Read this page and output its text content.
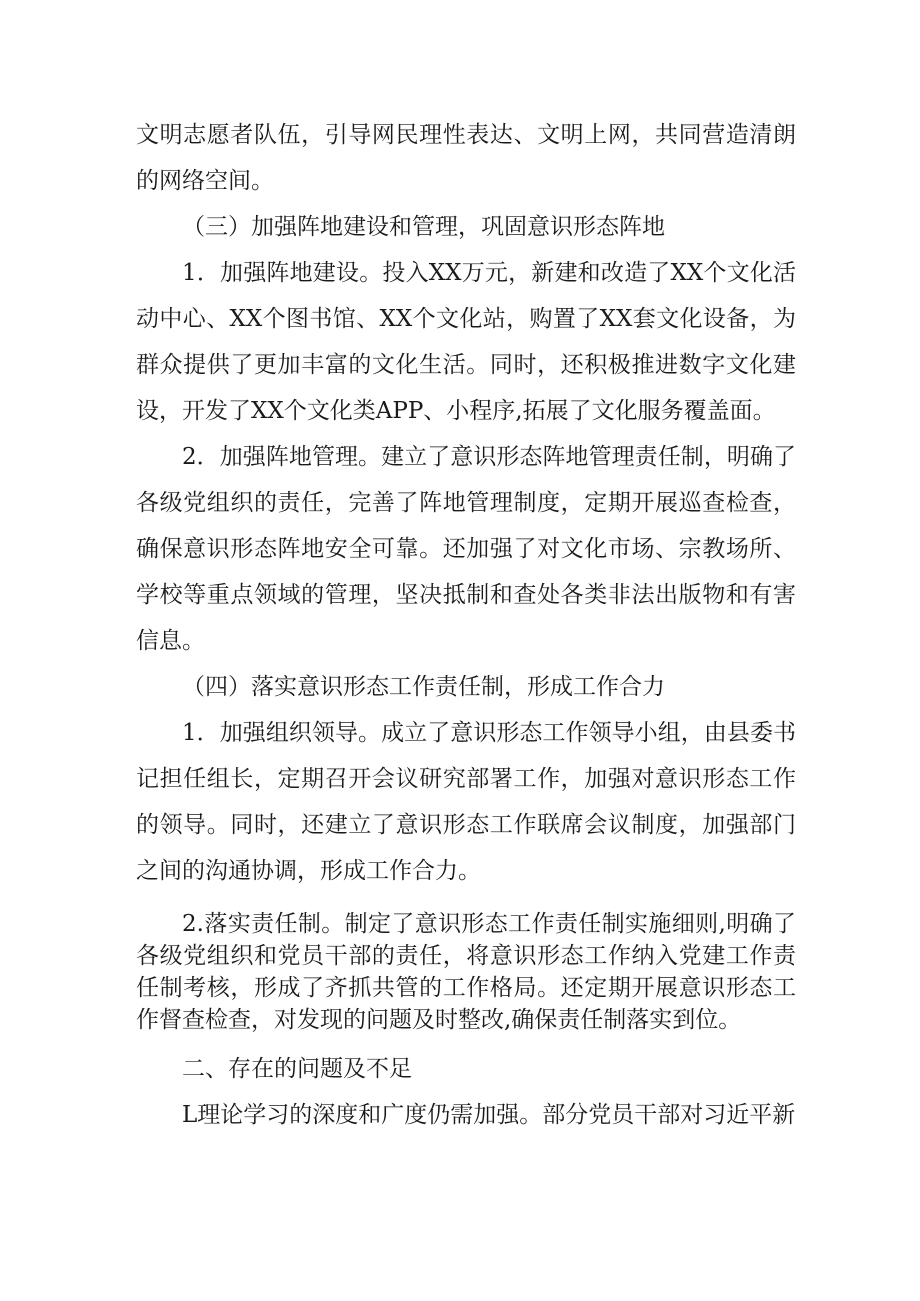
文明志愿者队伍，引导网民理性表达、文明上网，共同营造清朗的网络空间。

（三）加强阵地建设和管理，巩固意识形态阵地

1．加强阵地建设。投入XX万元，新建和改造了XX个文化活动中心、XX个图书馆、XX个文化站，购置了XX套文化设备，为群众提供了更加丰富的文化生活。同时，还积极推进数字文化建设，开发了XX个文化类APP、小程序,拓展了文化服务覆盖面。

2．加强阵地管理。建立了意识形态阵地管理责任制，明确了各级党组织的责任，完善了阵地管理制度，定期开展巡查检查，确保意识形态阵地安全可靠。还加强了对文化市场、宗教场所、学校等重点领域的管理，坚决抵制和查处各类非法出版物和有害信息。

（四）落实意识形态工作责任制，形成工作合力

1．加强组织领导。成立了意识形态工作领导小组，由县委书记担任组长，定期召开会议研究部署工作，加强对意识形态工作的领导。同时，还建立了意识形态工作联席会议制度，加强部门之间的沟通协调，形成工作合力。

2.落实责任制。制定了意识形态工作责任制实施细则,明确了各级党组织和党员干部的责任，将意识形态工作纳入党建工作责任制考核，形成了齐抓共管的工作格局。还定期开展意识形态工作督查检查，对发现的问题及时整改,确保责任制落实到位。

二、存在的问题及不足

L理论学习的深度和广度仍需加强。部分党员干部对习近平新
